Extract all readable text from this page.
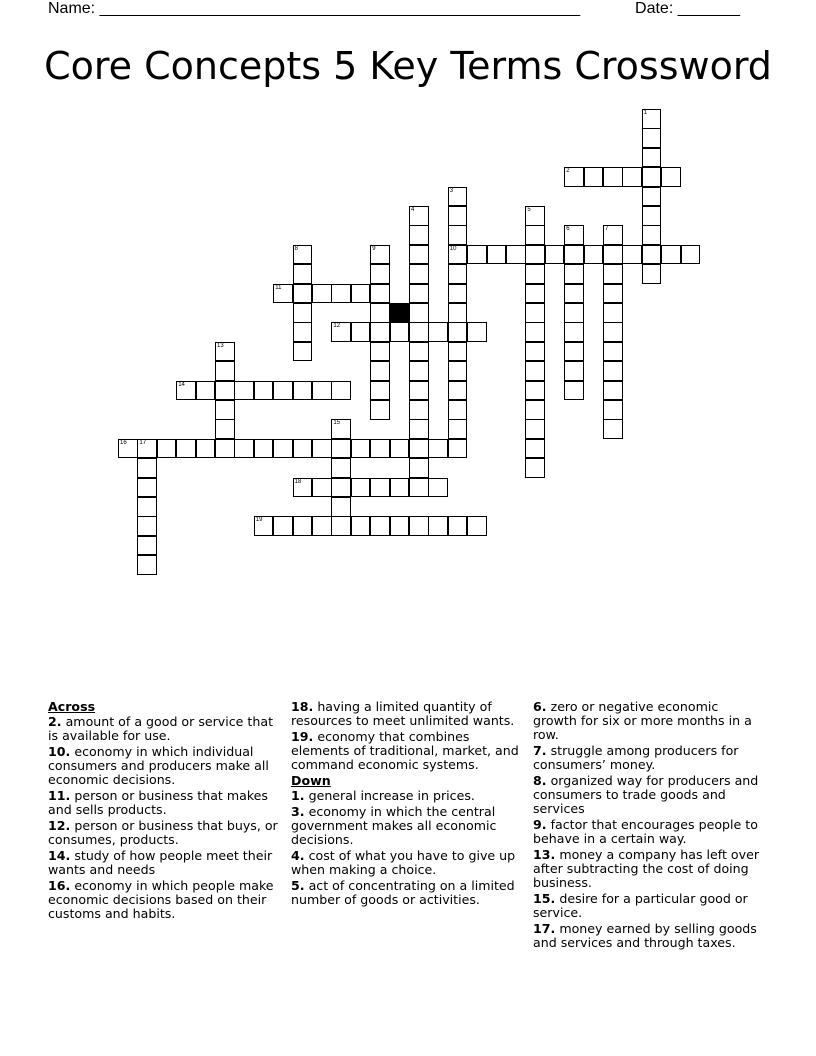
Name: ______________________________________________________	Date: _______
Core Concepts 5 Key Terms Crossword
1
2
3
10
4	5
6	7
8	9
11
12
13
14
15
16 17
18
19
Across
2. amount of a good or service that is available for use.
10. economy in which individual consumers and producers make all economic decisions.
11. person or business that makes and sells products.
12. person or business that buys, or consumes, products.
14. study of how people meet their wants and needs
16. economy in which people make economic decisions based on their customs and habits.
18. having a limited quantity of resources to meet unlimited wants.
19. economy that combines elements of traditional, market, and command economic systems.
Down
1. general increase in prices.
3. economy in which the central government makes all economic decisions.
4. cost of what you have to give up when making a choice.
5. act of concentrating on a limited number of goods or activities.
6. zero or negative economic growth for six or more months in a row.
7. struggle among producers for consumers’ money.
8. organized way for producers and consumers to trade goods and services
9. factor that encourages people to behave in a certain way.
13. money a company has left over after subtracting the cost of doing business.
15. desire for a particular good or service.
17. money earned by selling goods and services and through taxes.
